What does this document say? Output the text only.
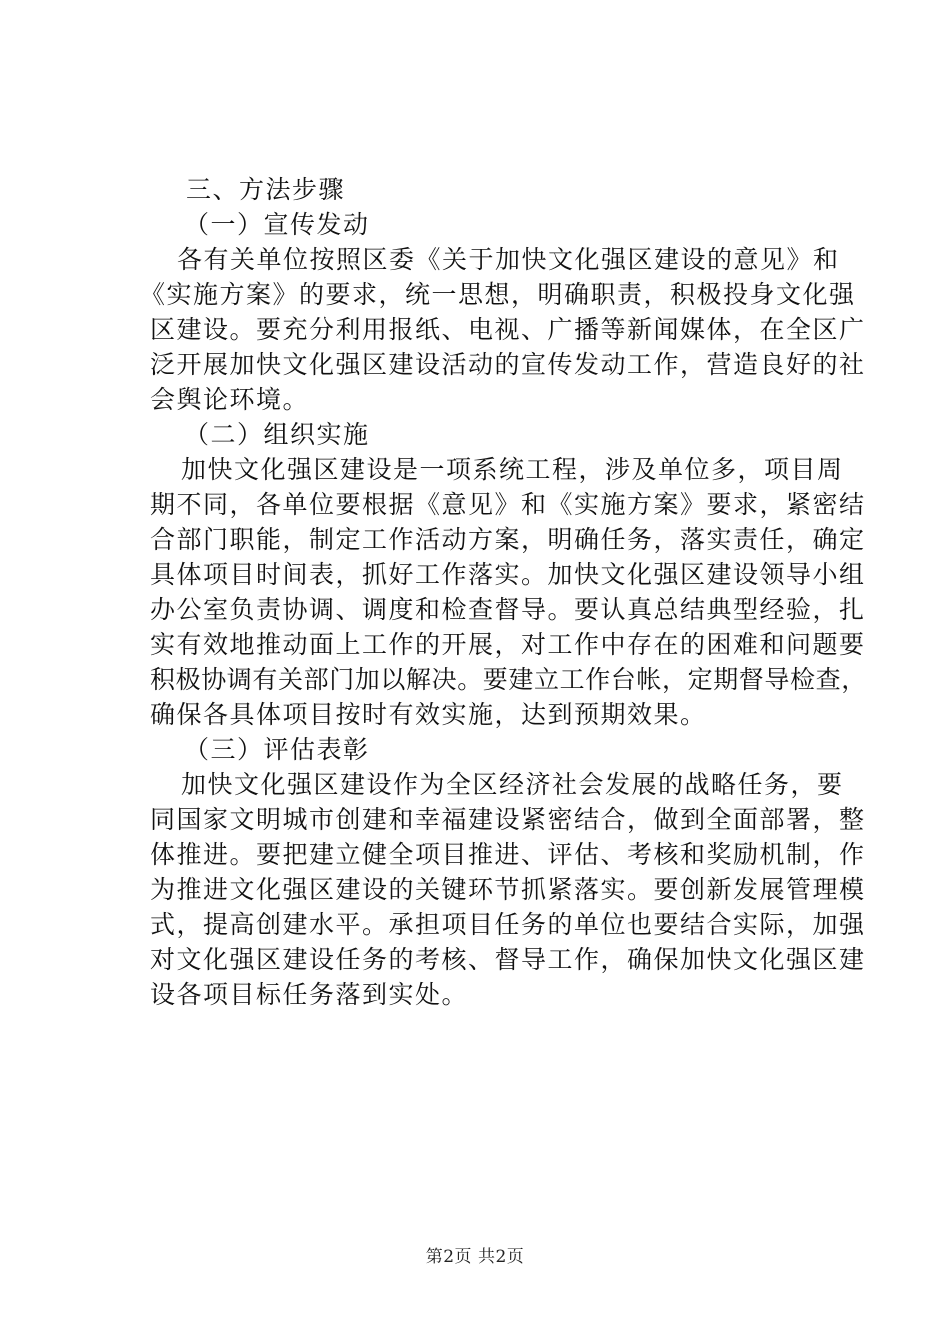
三、方法步骤
（一）宣传发动

各有关单位按照区委《关于加快文化强区建设的意见》和

《实施方案》的要求，统一思想，明确职责，积极投身文化强

区建设。要充分利用报纸、电视、广播等新闻媒体，在全区广

泛开展加快文化强区建设活动的宣传发动工作，营造良好的社

会舆论环境。

（二）组织实施

加快文化强区建设是一项系统工程，涉及单位多，项目周

期不同，各单位要根据《意见》和《实施方案》要求，紧密结

合部门职能，制定工作活动方案，明确任务，落实责任，确定

具体项目时间表，抓好工作落实。加快文化强区建设领导小组

办公室负责协调、调度和检查督导。要认真总结典型经验，扎

实有效地推动面上工作的开展，对工作中存在的困难和问题要

积极协调有关部门加以解决。要建立工作台帐，定期督导检查，

确保各具体项目按时有效实施，达到预期效果。

（三）评估表彰

加快文化强区建设作为全区经济社会发展的战略任务，要

同国家文明城市创建和幸福建设紧密结合，做到全面部署，整

体推进。要把建立健全项目推进、评估、考核和奖励机制，作

为推进文化强区建设的关键环节抓紧落实。要创新发展管理模

式，提高创建水平。承担项目任务的单位也要结合实际，加强

对文化强区建设任务的考核、督导工作，确保加快文化强区建

设各项目标任务落到实处。

第2页 共2页
